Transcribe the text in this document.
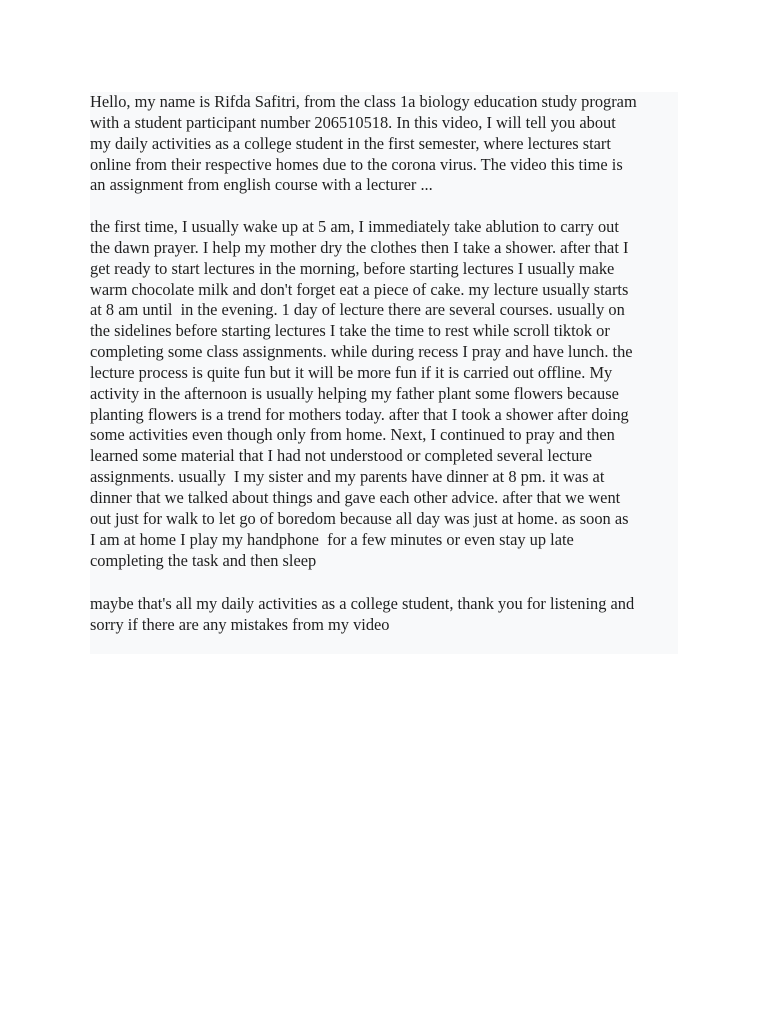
Hello, my name is Rifda Safitri, from the class 1a biology education study program
with a student participant number 206510518. In this video, I will tell you about
my daily activities as a college student in the first semester, where lectures start
online from their respective homes due to the corona virus. The video this time is
an assignment from english course with a lecturer ...

the first time, I usually wake up at 5 am, I immediately take ablution to carry out
the dawn prayer. I help my mother dry the clothes then I take a shower. after that I
get ready to start lectures in the morning, before starting lectures I usually make
warm chocolate milk and don't forget eat a piece of cake. my lecture usually starts
at 8 am until  in the evening. 1 day of lecture there are several courses. usually on
the sidelines before starting lectures I take the time to rest while scroll tiktok or
completing some class assignments. while during recess I pray and have lunch. the
lecture process is quite fun but it will be more fun if it is carried out offline. My
activity in the afternoon is usually helping my father plant some flowers because
planting flowers is a trend for mothers today. after that I took a shower after doing
some activities even though only from home. Next, I continued to pray and then
learned some material that I had not understood or completed several lecture
assignments. usually  I my sister and my parents have dinner at 8 pm. it was at
dinner that we talked about things and gave each other advice. after that we went
out just for walk to let go of boredom because all day was just at home. as soon as
I am at home I play my handphone  for a few minutes or even stay up late
completing the task and then sleep

maybe that's all my daily activities as a college student, thank you for listening and
sorry if there are any mistakes from my video
